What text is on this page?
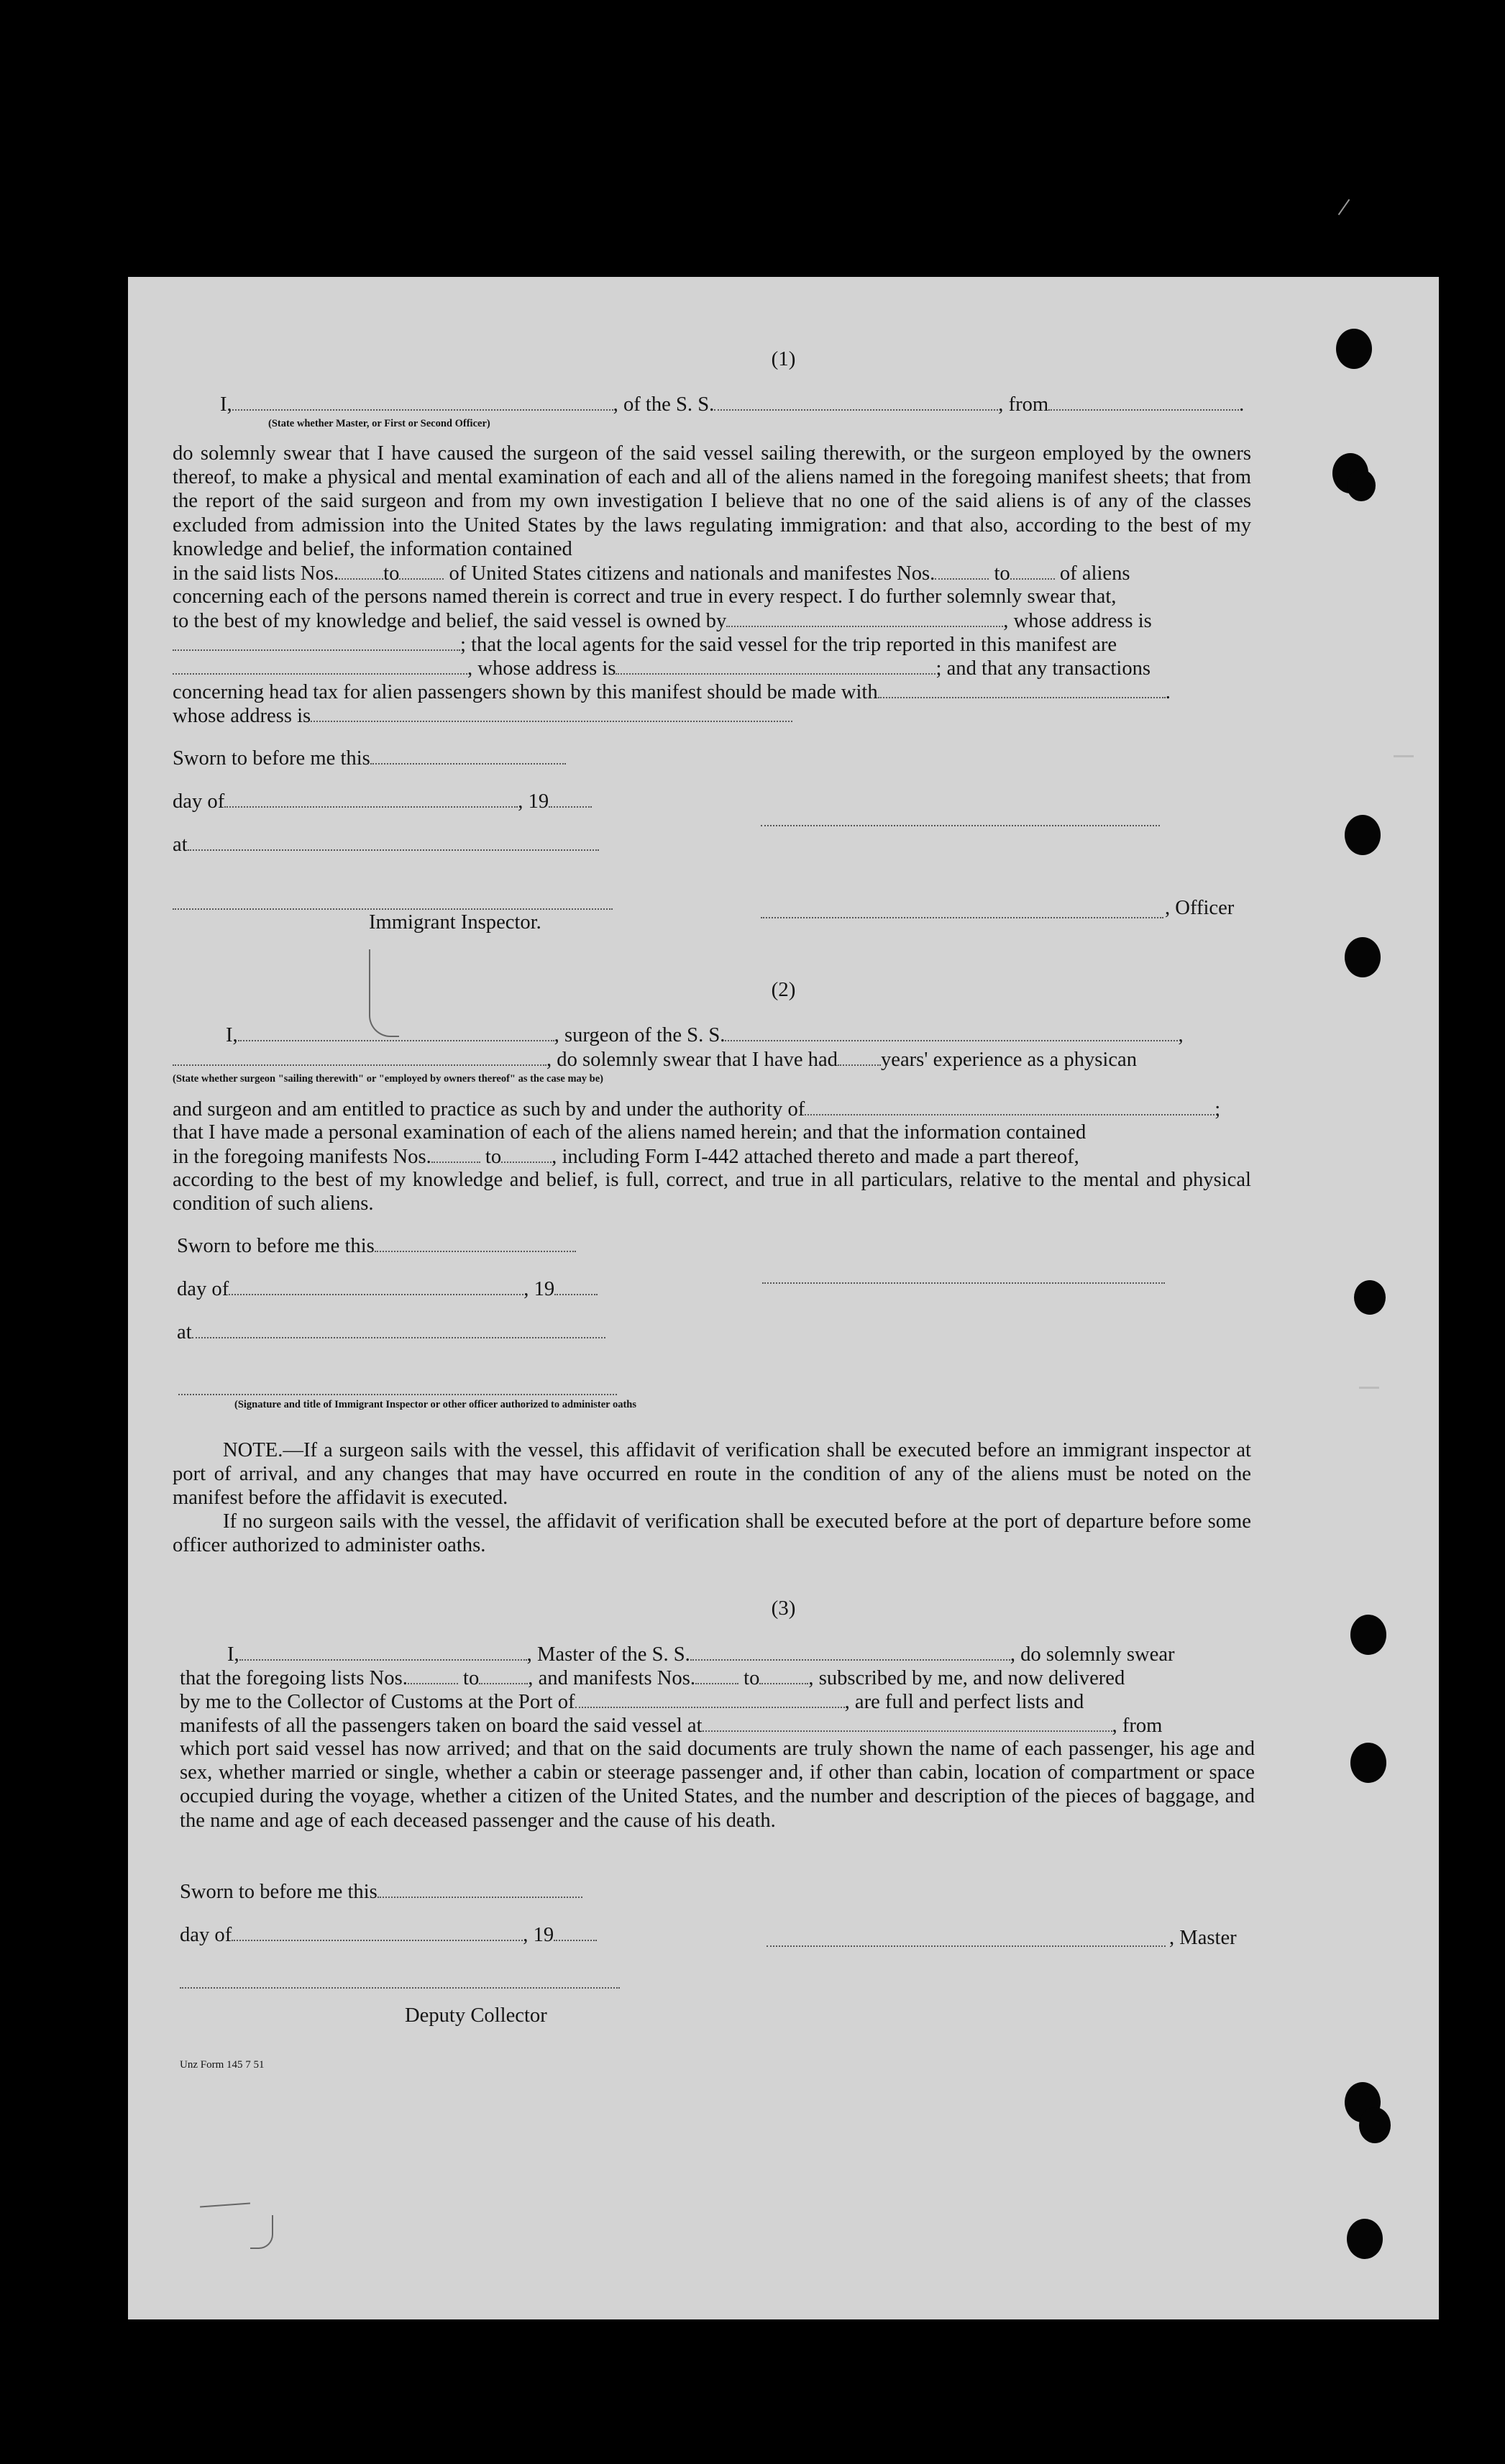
(1)
I,	, of the S. S.	, from	.
(State whether Master, or First or Second Officer)

do solemnly swear that I have caused the surgeon of the said vessel sailing therewith, or the surgeon employed by the owners thereof, to make a physical and mental examination of each and all of the aliens named in the foregoing manifest sheets; that from the report of the said surgeon and from my own investigation I believe that no one of the said aliens is of any of the classes excluded from admission into the United States by the laws regulating immigration: and that also, according to the best of my knowledge and belief, the information contained

in the said lists Nos. to of United States citizens and nationals and manifestes Nos.	to of aliens

concerning each of the persons named therein is correct and true in every respect. I do further solemnly swear that,

to the best of my knowledge and belief, the said vessel is owned by	, whose address is
; that the local agents for the said vessel for the trip reported in this manifest are
, whose address is	; and that any transactions
concerning head tax for alien passengers shown by this manifest should be made with	.
whose address is
Sworn to before me this
day of	, 19
at
, Officer
Immigrant Inspector.
(2)
I,	, surgeon of the S. S.	,
, do solemnly swear that I have had years' experience as a physican
(State whether surgeon "sailing therewith" or "employed by owners thereof" as the case may be)
and surgeon and am entitled to practice as such by and under the authority of	;

that I have made a personal examination of each of the aliens named herein; and that the information contained

in the foregoing manifests Nos.	to , including Form I-442 attached thereto and made a part thereof,

according to the best of my knowledge and belief, is full, correct, and true in all particulars, relative to the mental and physical condition of such aliens.

Sworn to before me this
day of	, 19
at
(Signature and title of Immigrant Inspector or other officer authorized to administer oaths

NOTE.—If a surgeon sails with the vessel, this affidavit of verification shall be executed before an immigrant inspector at port of arrival, and any changes that may have occurred en route in the condition of any of the aliens must be noted on the manifest before the affidavit is executed.

If no surgeon sails with the vessel, the affidavit of verification shall be executed before at the port of departure before some officer authorized to administer oaths.

(3)
I,	, Master of the S. S.	, do solemnly swear
that the foregoing lists Nos.	to , and manifests Nos. to , subscribed by me, and now delivered
by me to the Collector of Customs at the Port of	, are full and perfect lists and
manifests of all the passengers taken on board the said vessel at	, from

which port said vessel has now arrived; and that on the said documents are truly shown the name of each passenger, his age and sex, whether married or single, whether a cabin or steerage passenger and, if other than cabin, location of compartment or space occupied during the voyage, whether a citizen of the United States, and the number and description of the pieces of baggage, and the name and age of each deceased passenger and the cause of his death.

Sworn to before me this
day of	, 19	, Master
Deputy Collector
Unz Form 145 7 51
